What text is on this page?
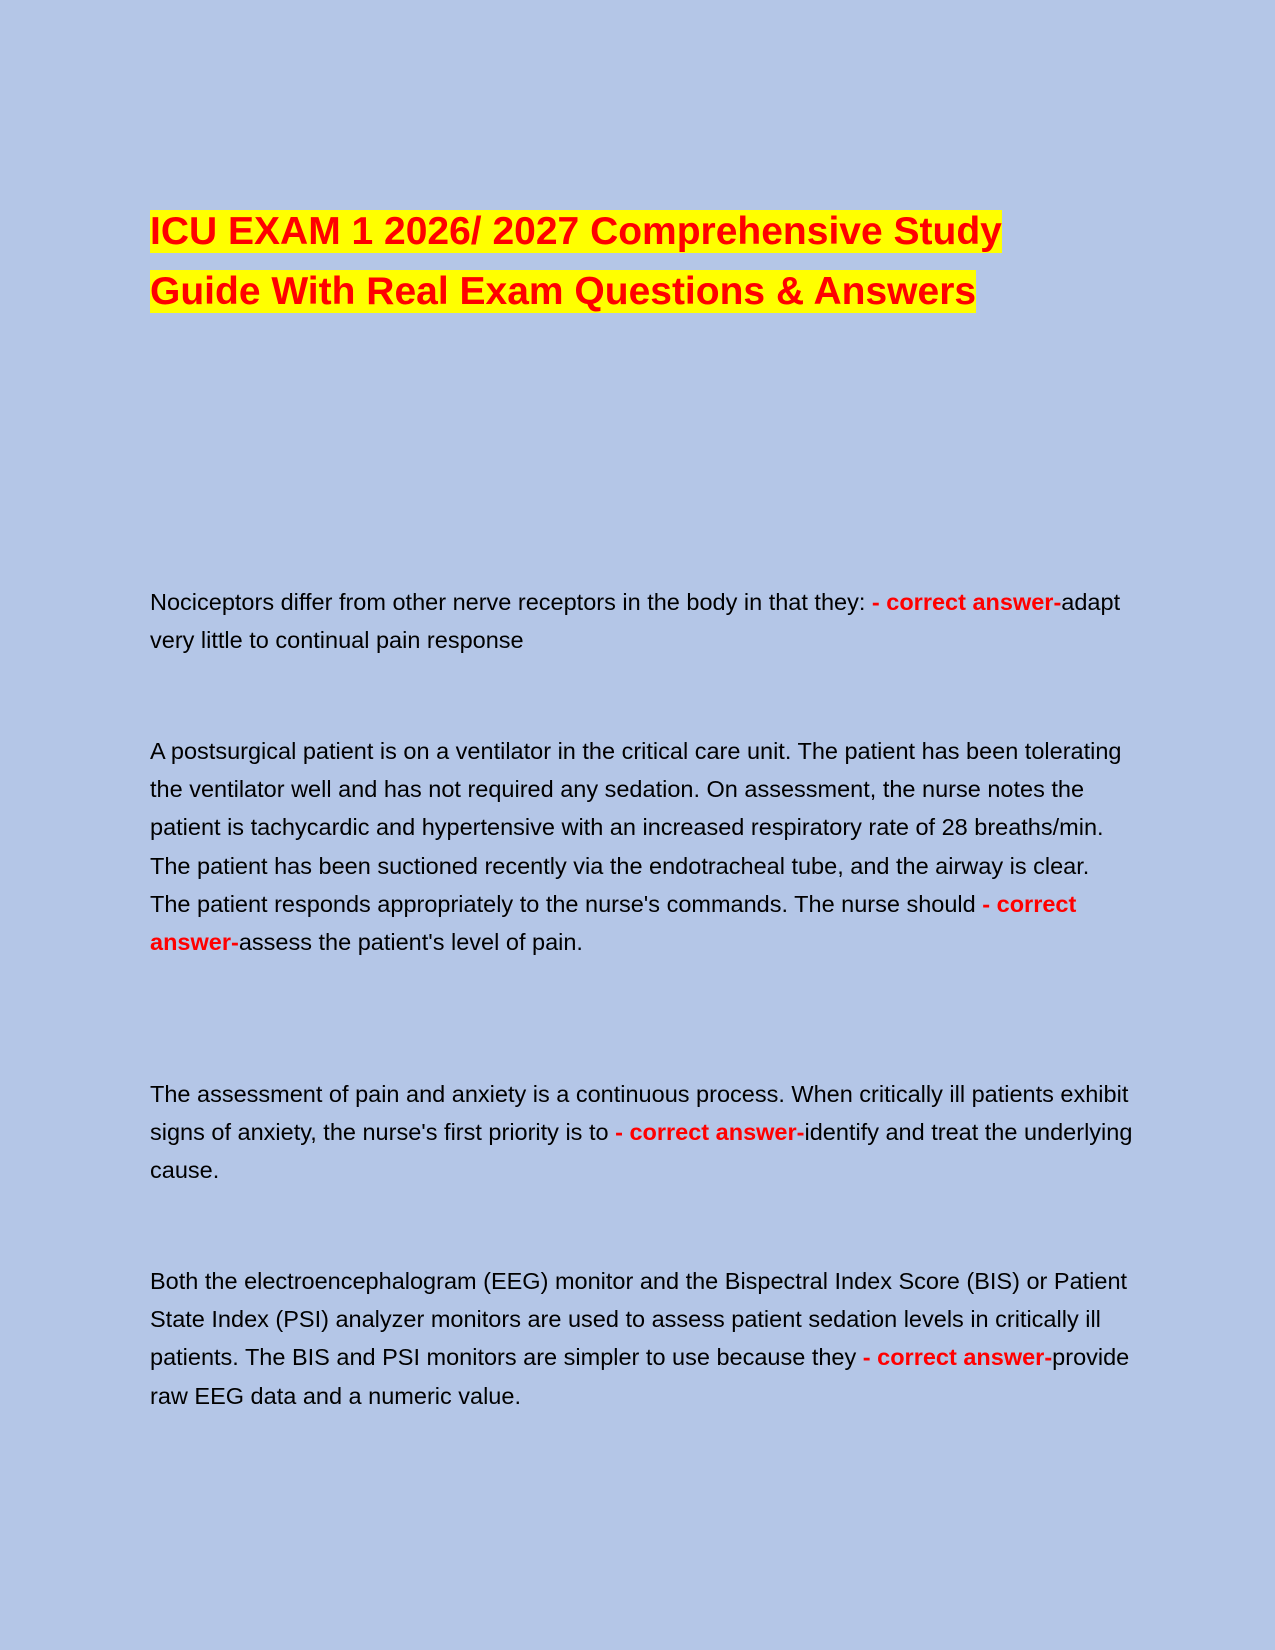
ICU EXAM 1 2026/ 2027 Comprehensive Study Guide With Real Exam Questions & Answers

Nociceptors differ from other nerve receptors in the body in that they: - correct answer-adapt very little to continual pain response

A postsurgical patient is on a ventilator in the critical care unit. The patient has been tolerating the ventilator well and has not required any sedation. On assessment, the nurse notes the patient is tachycardic and hypertensive with an increased respiratory rate of 28 breaths/min. The patient has been suctioned recently via the endotracheal tube, and the airway is clear. The patient responds appropriately to the nurse's commands. The nurse should - correct answer-assess the patient's level of pain.

The assessment of pain and anxiety is a continuous process. When critically ill patients exhibit signs of anxiety, the nurse's first priority is to - correct answer-identify and treat the underlying cause.

Both the electroencephalogram (EEG) monitor and the Bispectral Index Score (BIS) or Patient State Index (PSI) analyzer monitors are used to assess patient sedation levels in critically ill patients. The BIS and PSI monitors are simpler to use because they - correct answer-provide raw EEG data and a numeric value.
